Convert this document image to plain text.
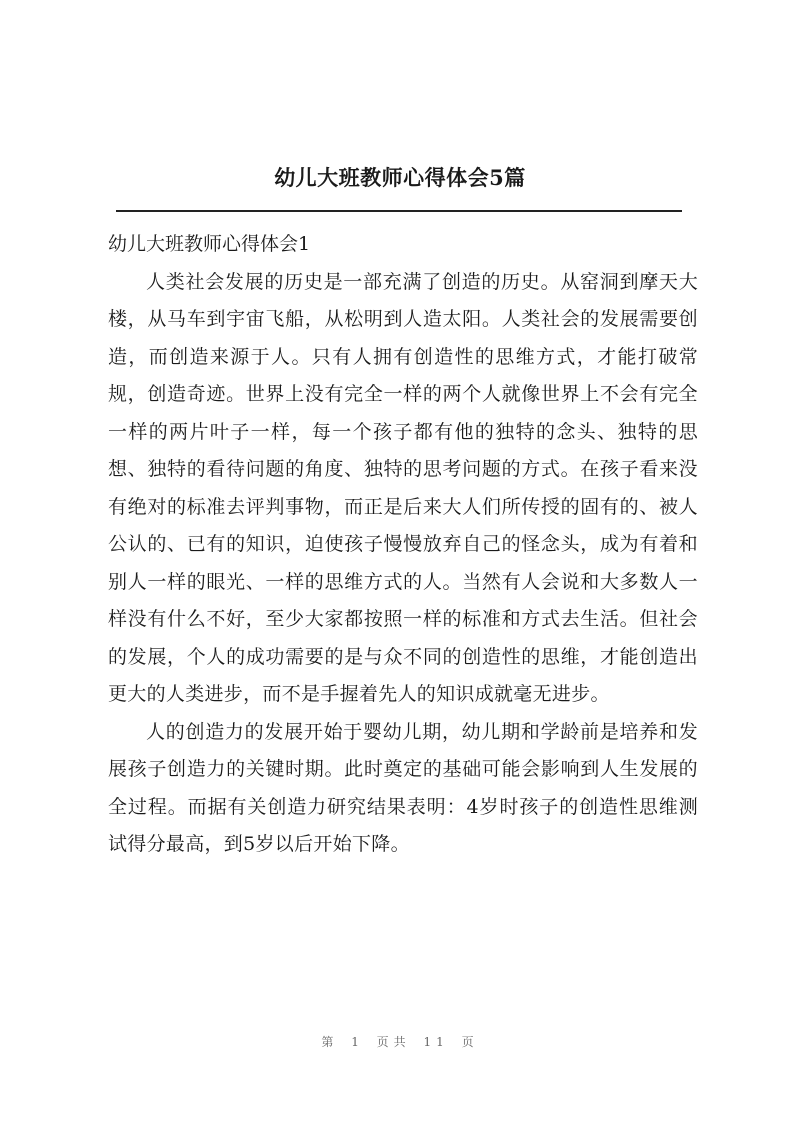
幼儿大班教师心得体会5篇

幼儿大班教师心得体会1

人类社会发展的历史是一部充满了创造的历史。从窑洞到摩天大楼，从马车到宇宙飞船，从松明到人造太阳。人类社会的发展需要创造，而创造来源于人。只有人拥有创造性的思维方式，才能打破常规，创造奇迹。世界上没有完全一样的两个人就像世界上不会有完全一样的两片叶子一样，每一个孩子都有他的独特的念头、独特的思想、独特的看待问题的角度、独特的思考问题的方式。在孩子看来没有绝对的标准去评判事物，而正是后来大人们所传授的固有的、被人公认的、已有的知识，迫使孩子慢慢放弃自己的怪念头，成为有着和别人一样的眼光、一样的思维方式的人。当然有人会说和大多数人一样没有什么不好，至少大家都按照一样的标准和方式去生活。但社会的发展，个人的成功需要的是与众不同的创造性的思维，才能创造出更大的人类进步，而不是手握着先人的知识成就毫无进步。

人的创造力的发展开始于婴幼儿期，幼儿期和学龄前是培养和发展孩子创造力的关键时期。此时奠定的基础可能会影响到人生发展的全过程。而据有关创造力研究结果表明：4岁时孩子的创造性思维测试得分最高，到5岁以后开始下降。

第 1 页共 11 页
